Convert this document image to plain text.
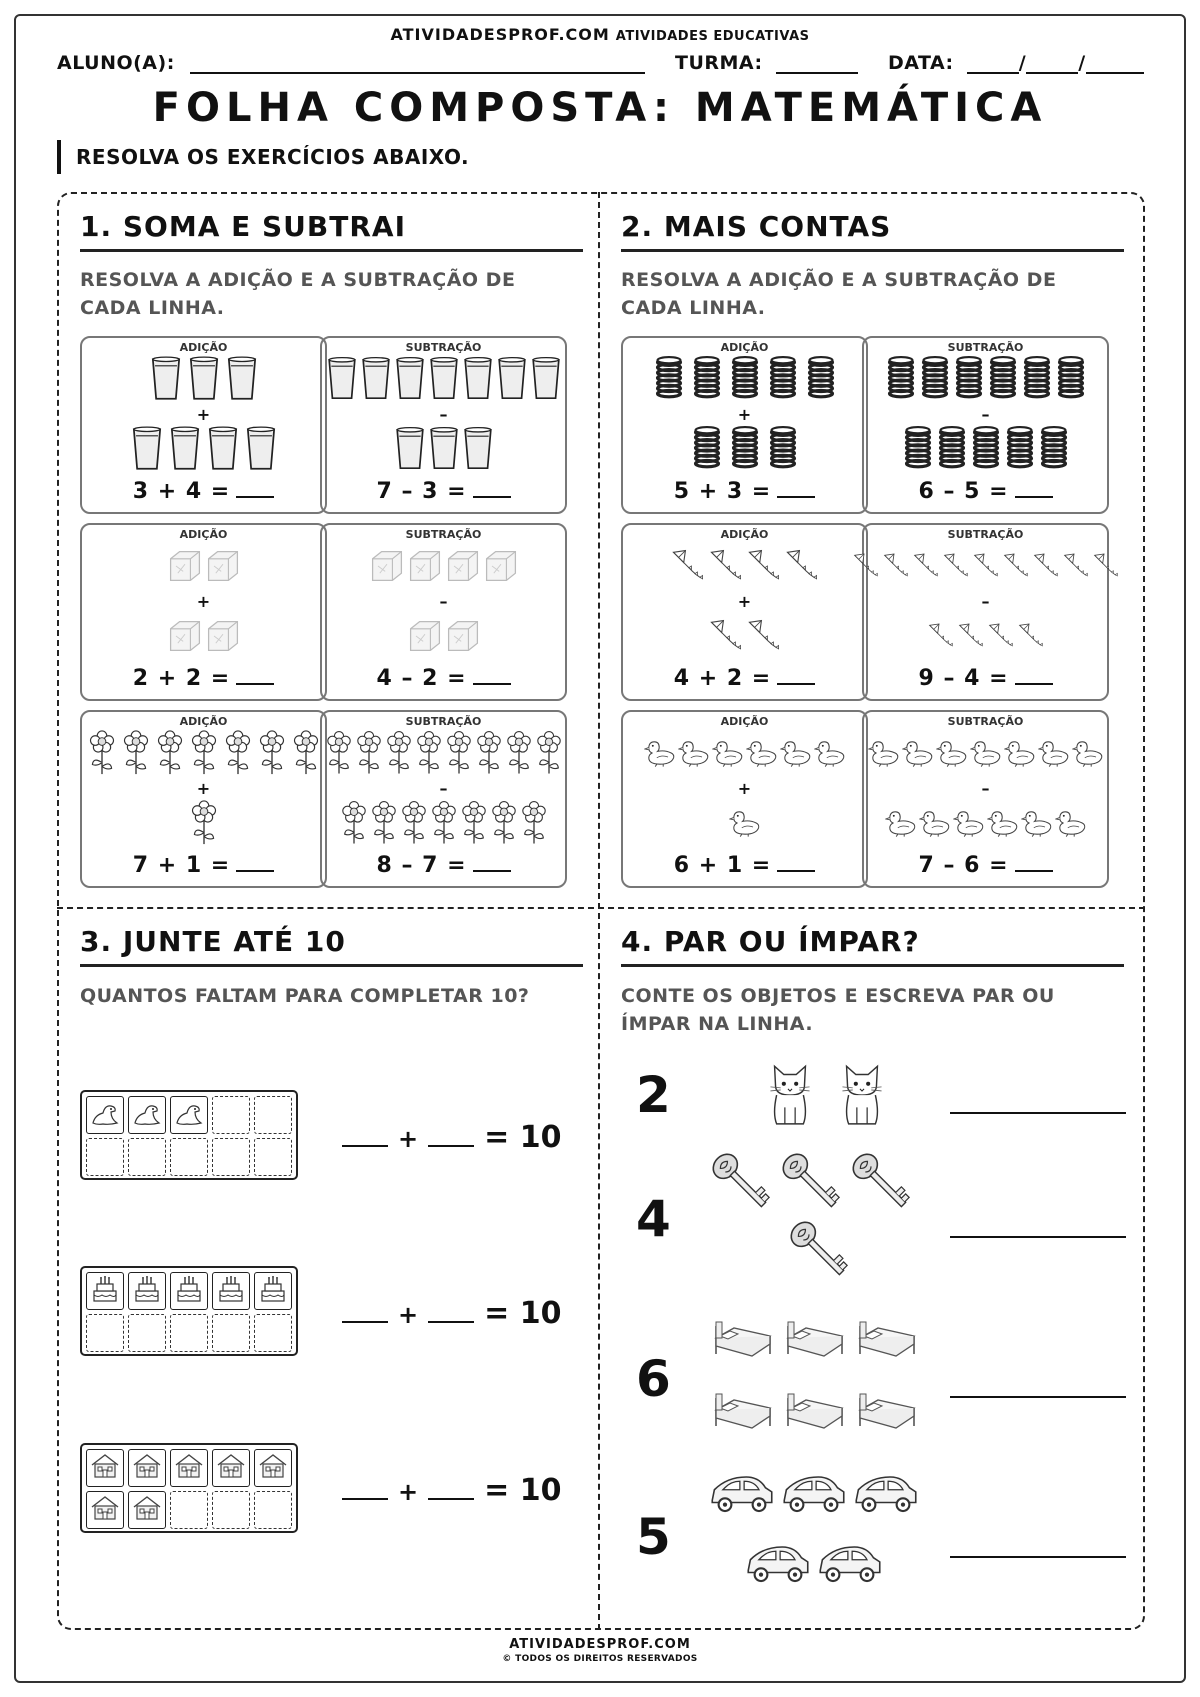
ATIVIDADESPROF.COM ATIVIDADES EDUCATIVAS
ALUNO(A):	TURMA:	DATA:	/	/
FOLHA COMPOSTA: MATEMÁTICA
RESOLVA OS EXERCÍCIOS ABAIXO.
1. SOMA E SUBTRAI
RESOLVA A ADIÇÃO E A SUBTRAÇÃO DE CADA LINHA.
2. MAIS CONTAS
RESOLVA A ADIÇÃO E A SUBTRAÇÃO DE CADA LINHA.
ADIÇÃO
+
3 + 4 =
SUBTRAÇÃO
–
7 – 3 =
ADIÇÃO
+
2 + 2 =
SUBTRAÇÃO
–
4 – 2 =
ADIÇÃO
+
7 + 1 =
SUBTRAÇÃO
–
8 – 7 =
ADIÇÃO
+
5 + 3 =
SUBTRAÇÃO
–
6 – 5 =
ADIÇÃO
+
4 + 2 =
SUBTRAÇÃO
–
9 – 4 =
ADIÇÃO
+
6 + 1 =
SUBTRAÇÃO
–
7 – 6 =
3. JUNTE ATÉ 10
QUANTOS FALTAM PARA COMPLETAR 10?
+ = 10
+ = 10
+ = 10
4. PAR OU ÍMPAR?
CONTE OS OBJETOS E ESCREVA PAR OU ÍMPAR NA LINHA.
2
4
6
5
ATIVIDADESPROF.COM
© TODOS OS DIREITOS RESERVADOS
